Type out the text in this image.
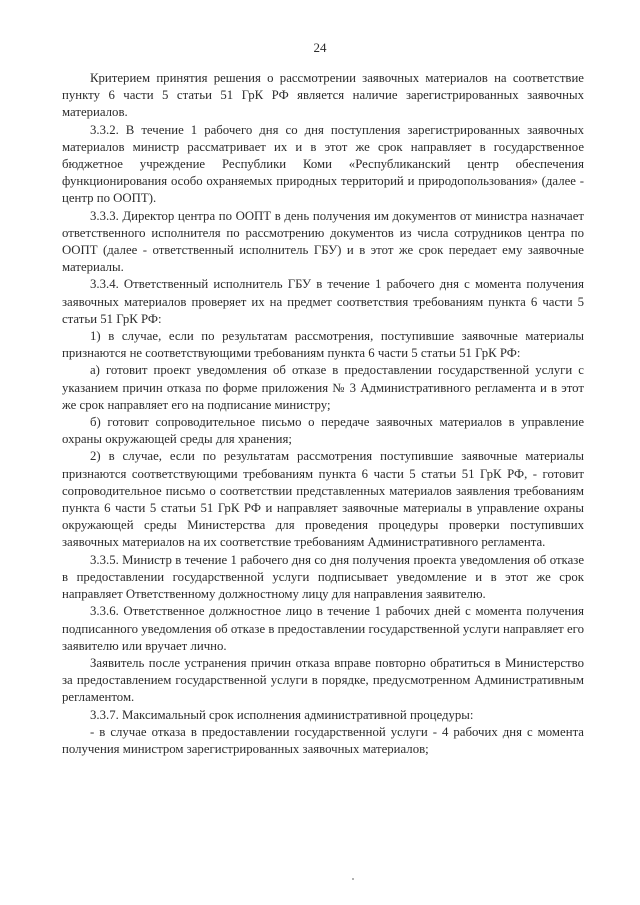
24

Критерием принятия решения о рассмотрении заявочных материалов на соответствие пункту 6 части 5 статьи 51 ГрК РФ является наличие зарегистрированных заявочных материалов.

3.3.2. В течение 1 рабочего дня со дня поступления зарегистрированных заявочных материалов министр рассматривает их и в этот же срок направляет в государственное бюджетное учреждение Республики Коми «Республиканский центр обеспечения функционирования особо охраняемых природных территорий и природопользования» (далее - центр по ООПТ).

3.3.3. Директор центра по ООПТ в день получения им документов от министра назначает ответственного исполнителя по рассмотрению документов из числа сотрудников центра по ООПТ (далее - ответственный исполнитель ГБУ) и в этот же срок передает ему заявочные материалы.

3.3.4. Ответственный исполнитель ГБУ в течение 1 рабочего дня с момента получения заявочных материалов проверяет их на предмет соответствия требованиям пункта 6 части 5 статьи 51 ГрК РФ:

1) в случае, если по результатам рассмотрения, поступившие заявочные материалы признаются не соответствующими требованиям пункта 6 части 5 статьи 51 ГрК РФ:

а) готовит проект уведомления об отказе в предоставлении государственной услуги с указанием причин отказа по форме приложения № 3 Административного регламента и в этот же срок направляет его на подписание министру;

б) готовит сопроводительное письмо о передаче заявочных материалов в управление охраны окружающей среды для хранения;

2) в случае, если по результатам рассмотрения поступившие заявочные материалы признаются соответствующими требованиям пункта 6 части 5 статьи 51 ГрК РФ, - готовит сопроводительное письмо о соответствии представленных материалов заявления требованиям пункта 6 части 5 статьи 51 ГрК РФ и направляет заявочные материалы в управление охраны окружающей среды Министерства для проведения процедуры проверки поступивших заявочных материалов на их соответствие требованиям Административного регламента.

3.3.5. Министр в течение 1 рабочего дня со дня получения проекта уведомления об отказе в предоставлении государственной услуги подписывает уведомление и в этот же срок направляет Ответственному должностному лицу для направления заявителю.

3.3.6. Ответственное должностное лицо в течение 1 рабочих дней с момента получения подписанного уведомления об отказе в предоставлении государственной услуги направляет его заявителю или вручает лично.

Заявитель после устранения причин отказа вправе повторно обратиться в Министерство за предоставлением государственной услуги в порядке, предусмотренном Административным регламентом.

3.3.7. Максимальный срок исполнения административной процедуры:

- в случае отказа в предоставлении государственной услуги - 4 рабочих дня с момента получения министром зарегистрированных заявочных материалов;
